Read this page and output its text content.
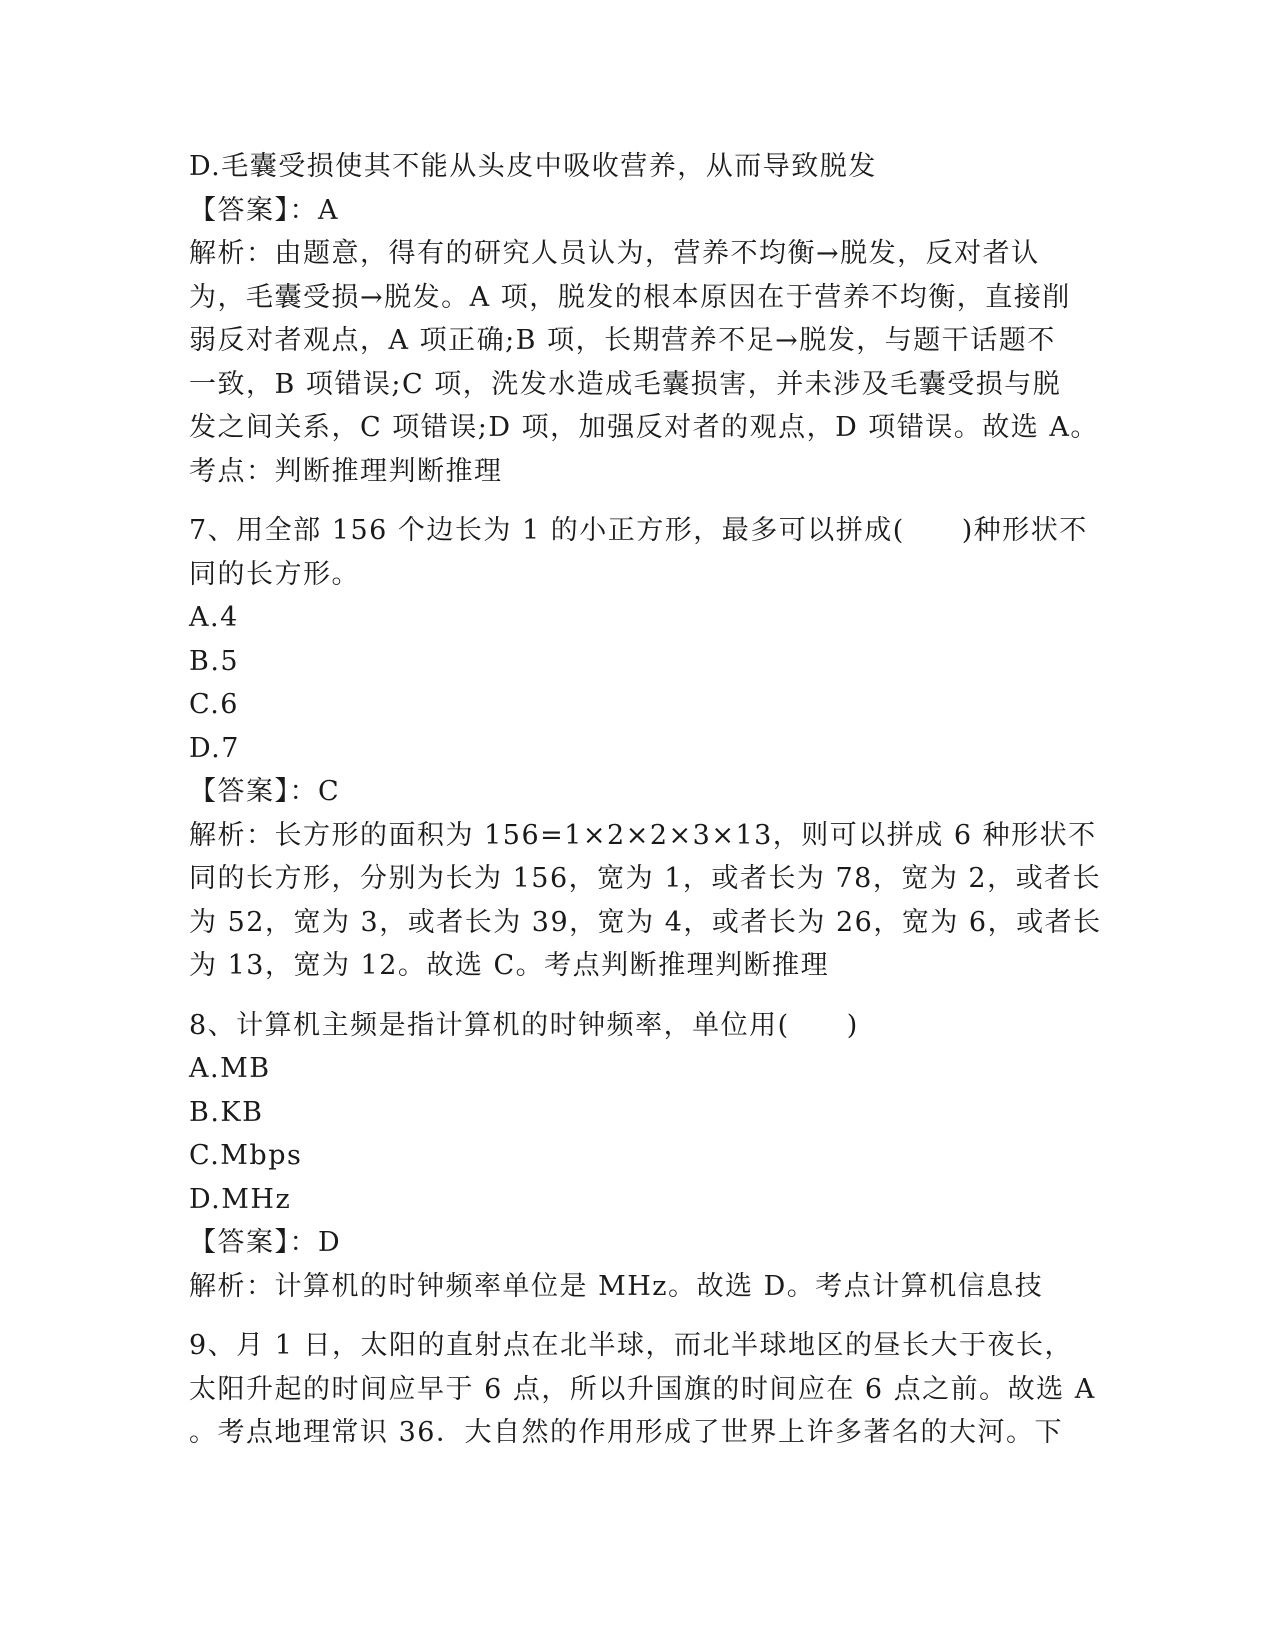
D.毛囊受损使其不能从头皮中吸收营养，从而导致脱发
【答案】：A
解析：由题意，得有的研究人员认为，营养不均衡→脱发，反对者认
为，毛囊受损→脱发。A 项，脱发的根本原因在于营养不均衡，直接削
弱反对者观点，A 项正确;B 项，长期营养不足→脱发，与题干话题不
一致，B 项错误;C 项，洗发水造成毛囊损害，并未涉及毛囊受损与脱
发之间关系，C 项错误;D 项，加强反对者的观点，D 项错误。故选 A。
考点：判断推理判断推理
7、用全部 156 个边长为 1 的小正方形，最多可以拼成(　　)种形状不
同的长方形。
A.4
B.5
C.6
D.7
【答案】：C
解析：长方形的面积为 156=1×2×2×3×13，则可以拼成 6 种形状不
同的长方形，分别为长为 156，宽为 1，或者长为 78，宽为 2，或者长
为 52，宽为 3，或者长为 39，宽为 4，或者长为 26，宽为 6，或者长
为 13，宽为 12。故选 C。考点判断推理判断推理
8、计算机主频是指计算机的时钟频率，单位用(　　)
A.MB
B.KB
C.Mbps
D.MHz
【答案】：D
解析：计算机的时钟频率单位是 MHz。故选 D。考点计算机信息技
9、月 1 日，太阳的直射点在北半球，而北半球地区的昼长大于夜长，
太阳升起的时间应早于 6 点，所以升国旗的时间应在 6 点之前。故选 A
。考点地理常识 36．大自然的作用形成了世界上许多著名的大河。下
